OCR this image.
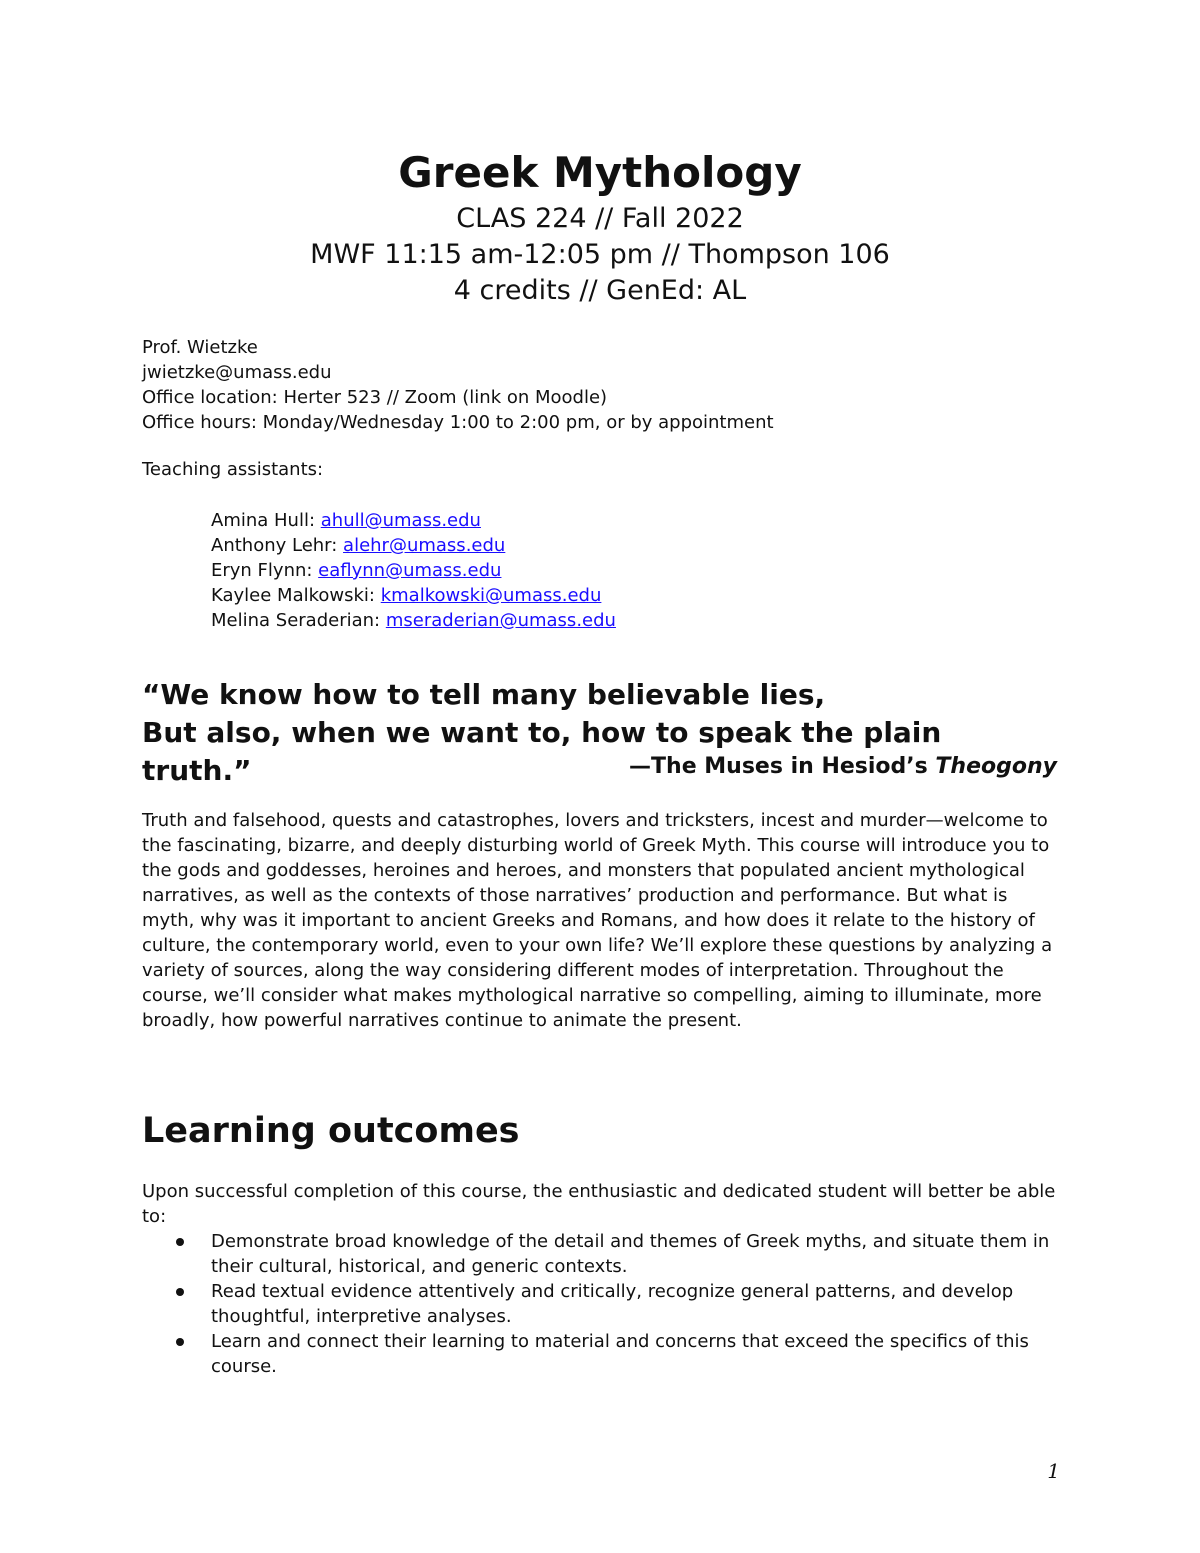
Greek Mythology
CLAS 224 // Fall 2022
MWF 11:15 am-12:05 pm // Thompson 106
4 credits // GenEd: AL
Prof. Wietzke
jwietzke@umass.edu
Office location: Herter 523 // Zoom (link on Moodle)
Office hours: Monday/Wednesday 1:00 to 2:00 pm, or by appointment
Teaching assistants:
Amina Hull: ahull@umass.edu
Anthony Lehr: alehr@umass.edu
Eryn Flynn: eaflynn@umass.edu
Kaylee Malkowski: kmalkowski@umass.edu
Melina Seraderian: mseraderian@umass.edu
“We know how to tell many believable lies,
But also, when we want to, how to speak the plain truth.”	—The Muses in Hesiod’s Theogony
Truth and falsehood, quests and catastrophes, lovers and tricksters, incest and murder—welcome to the fascinating, bizarre, and deeply disturbing world of Greek Myth. This course will introduce you to the gods and goddesses, heroines and heroes, and monsters that populated ancient mythological narratives, as well as the contexts of those narratives’ production and performance. But what is myth, why was it important to ancient Greeks and Romans, and how does it relate to the history of culture, the contemporary world, even to your own life? We’ll explore these questions by analyzing a variety of sources, along the way considering different modes of interpretation. Throughout the course, we’ll consider what makes mythological narrative so compelling, aiming to illuminate, more broadly, how powerful narratives continue to animate the present.
Learning outcomes
Upon successful completion of this course, the enthusiastic and dedicated student will better be able to:
Demonstrate broad knowledge of the detail and themes of Greek myths, and situate them in their cultural, historical, and generic contexts.
Read textual evidence attentively and critically, recognize general patterns, and develop thoughtful, interpretive analyses.
Learn and connect their learning to material and concerns that exceed the specifics of this course.
1
